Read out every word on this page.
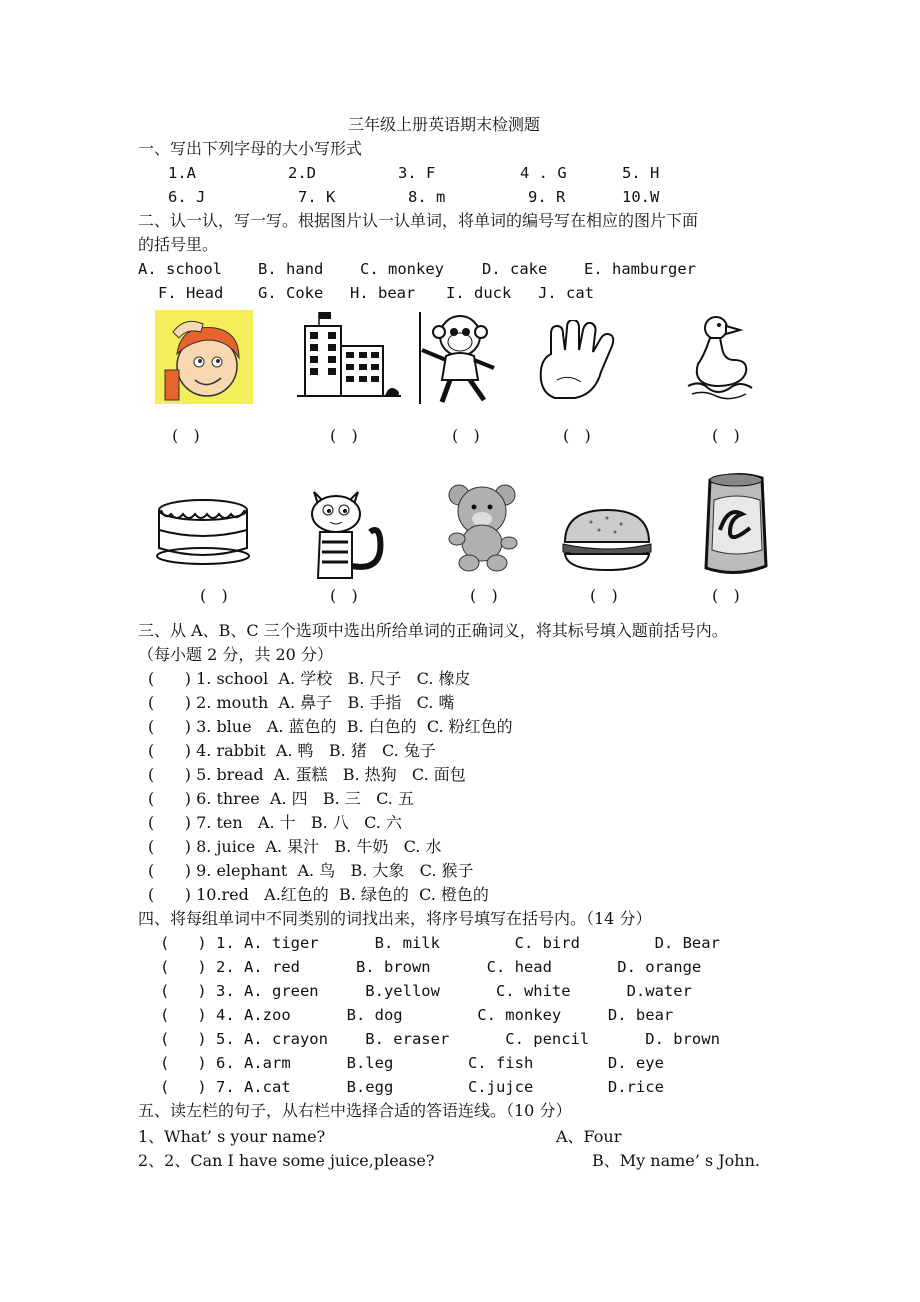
三年级上册英语期末检测题
一、写出下列字母的大小写形式
1.A	2.D	3. F	4 . G	5. H
6. J	7. K	8. m	9. R	10.W
二、认一认，写一写。根据图片认一认单词，将单词的编号写在相应的图片下面
的括号里。
A. school B. hand C. monkey D. cake E. hamburger
F. Head G. Coke H. bear I. duck J. cat
(   )	(   )	(   )	(   )	(   )
(   )	(   )	(   )	(   )	(   )
三、从 A、B、C 三个选项中选出所给单词的正确词义，将其标号填入题前括号内。
（每小题 2 分，共 20 分）
(      ) 1. school  A. 学校   B. 尺子   C. 橡皮
(      ) 2. mouth  A. 鼻子   B. 手指   C. 嘴
(      ) 3. blue   A. 蓝色的  B. 白色的  C. 粉红色的
(      ) 4. rabbit  A. 鸭   B. 猪   C. 兔子
(      ) 5. bread  A. 蛋糕   B. 热狗   C. 面包
(      ) 6. three  A. 四   B. 三   C. 五
(      ) 7. ten   A. 十   B. 八   C. 六
(      ) 8. juice  A. 果汁   B. 牛奶   C. 水
(      ) 9. elephant  A. 鸟   B. 大象   C. 猴子
(      ) 10.red   A.红色的  B. 绿色的  C. 橙色的
四、将每组单词中不同类别的词找出来，将序号填写在括号内。（14 分）
(   ) 1. A. tiger      B. milk        C. bird        D. Bear
(   ) 2. A. red      B. brown      C. head       D. orange
(   ) 3. A. green     B.yellow      C. white      D.water
(   ) 4. A.zoo      B. dog        C. monkey     D. bear
(   ) 5. A. crayon    B. eraser      C. pencil      D. brown
(   ) 6. A.arm      B.leg        C. fish        D. eye
(   ) 7. A.cat      B.egg        C.jujce        D.rice
五、读左栏的句子，从右栏中选择合适的答语连线。（10 分）
1、What’ s your name?	A、Four
2、2、Can I have some juice,please?	B、My name’ s John.
